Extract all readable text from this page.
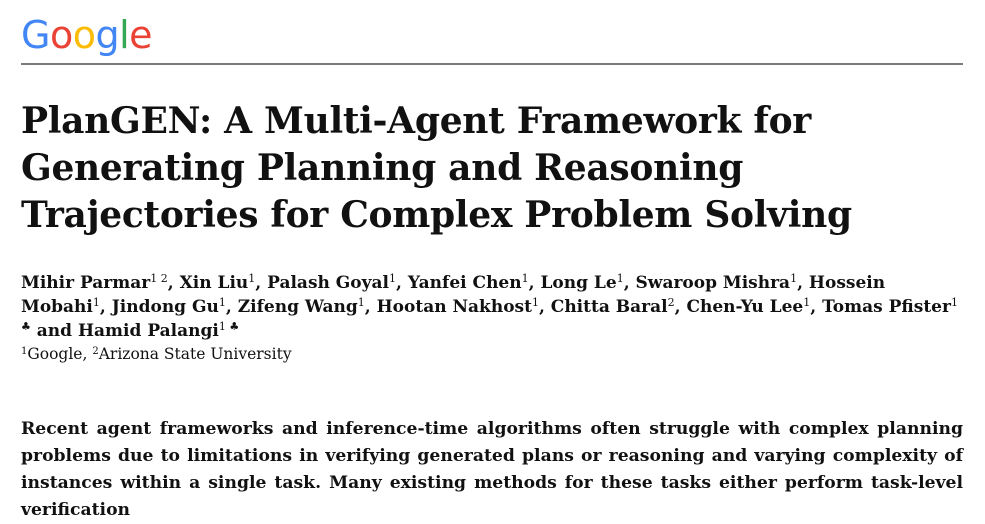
Google
PlanGEN: A Multi-Agent Framework for Generating Planning and Reasoning Trajectories for Complex Problem Solving
Mihir Parmar$^{1 2}$, Xin Liu$^1$, Palash Goyal$^1$, Yanfei Chen$^1$, Long Le$^1$, Swaroop Mishra$^1$, Hossein Mobahi$^1$, Jindong Gu$^1$, Zifeng Wang$^1$, Hootan Nakhost$^1$, Chitta Baral$^2$, Chen-Yu Lee$^1$, Tomas Pfister$^{1 ♣}$ and Hamid Palangi$^{1 ♣}$
$^1$Google, $^2$Arizona State University

Recent agent frameworks and inference-time algorithms often struggle with complex planning problems due to limitations in verifying generated plans or reasoning and varying complexity of instances within a single task. Many existing methods for these tasks either perform task-level verification
